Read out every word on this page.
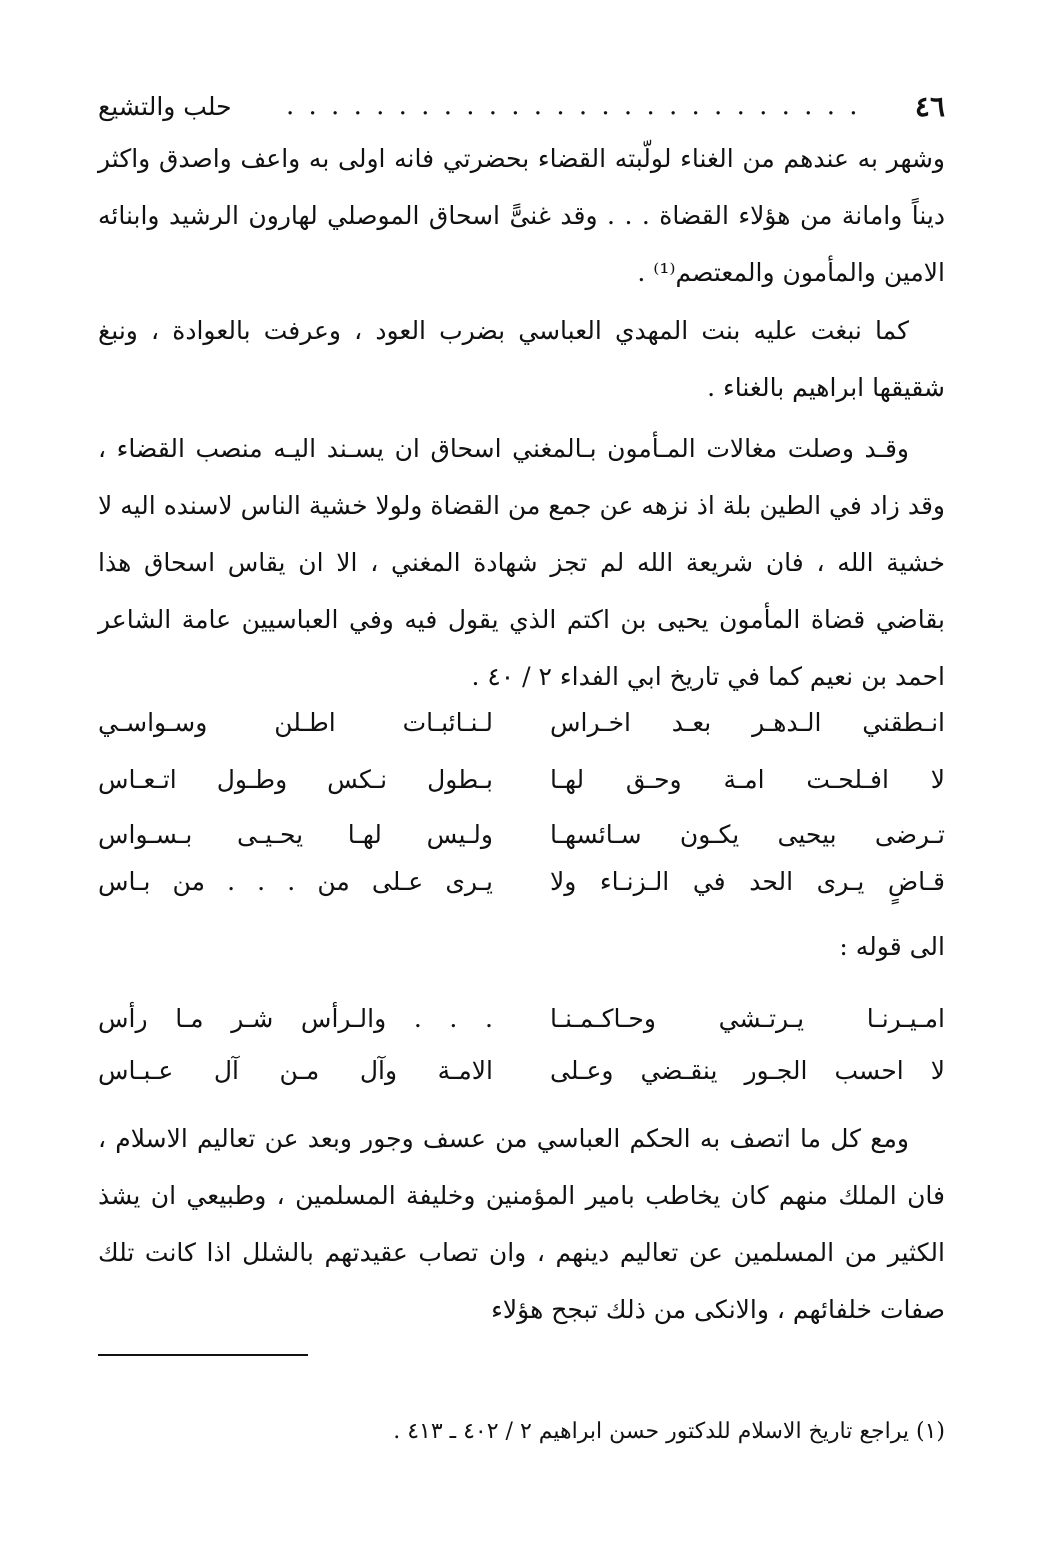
٤٦
. . . . . . . . . . . . . . . . . . . . . . . . . .
حلب والتشيع

وشهر به عندهم من الغناء لولّبته القضاء بحضرتي فانه اولى به واعف واصدق واكثر ديناً وامانة من هؤلاء القضاة . . . وقد غنىًّ اسحاق الموصلي لهارون الرشيد وابنائه الامين والمأمون والمعتصم⁽¹⁾ .

كما نبغت عليه بنت المهدي العباسي بضرب العود ، وعرفت بالعوادة ، ونبغ شقيقها ابراهيم بالغناء .

وقـد وصلت مغالات المـأمون بـالمغني اسحاق ان يسـند اليـه منصب القضاء ، وقد زاد في الطين بلة اذ نزهه عن جمع من القضاة ولولا خشية الناس لاسنده اليه لا خشية الله ، فان شريعة الله لم تجز شهادة المغني ، الا ان يقاس اسحاق هذا بقاضي قضاة المأمون يحيى بن اكتم الذي يقول فيه وفي العباسيين عامة الشاعر احمد بن نعيم كما في تاريخ ابي الفداء ٢ / ٤٠ .

انـطقني الـدهـر بعـد اخـراس
لـنـائبـات اطـلن وسـواسـي
لا افـلحـت امـة وحـق لهـا
بـطول نـكس وطـول اتـعـاس
تـرضى بيحيى يكـون سـائسهـا
ولـيس لهـا يحـيـى بـسـواس
قـاضٍ يـرى الحد في الـزنـاء ولا
يـرى عـلى من . . . من بـاس
الى قوله :
امـيـرنـا يـرتـشي وحـاكـمـنـا
. . . والـرأس شـر مـا رأس
لا احسب الجـور ينقـضي وعـلى
الامـة وآل مـن آل عـبـاس

ومع كل ما اتصف به الحكم العباسي من عسف وجور وبعد عن تعاليم الاسلام ، فان الملك منهم كان يخاطب بامير المؤمنين وخليفة المسلمين ، وطبيعي ان يشذ الكثير من المسلمين عن تعاليم دينهم ، وان تصاب عقيدتهم بالشلل اذا كانت تلك صفات خلفائهم ، والانكى من ذلك تبجح هؤلاء

(١) يراجع تاريخ الاسلام للدكتور حسن ابراهيم ٢ / ٤٠٢ ـ ٤١٣ .
